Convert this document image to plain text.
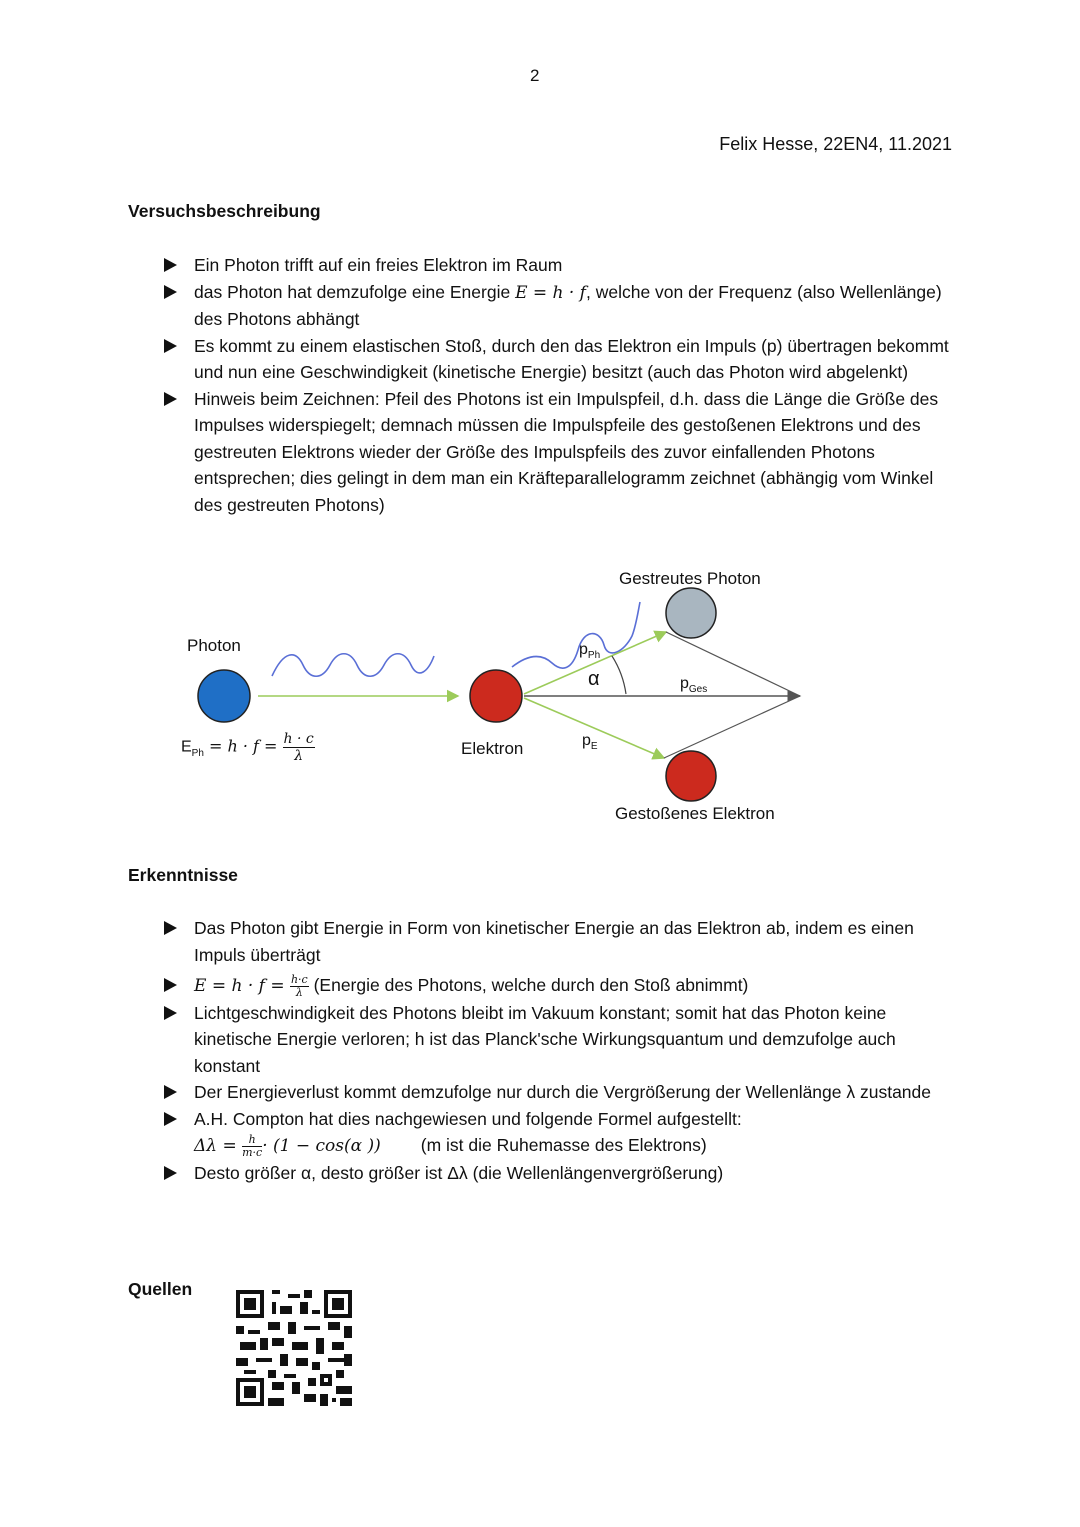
2
Felix Hesse, 22EN4, 11.2021
Versuchsbeschreibung
Ein Photon trifft auf ein freies Elektron im Raum
das Photon hat demzufolge eine Energie E = h · f, welche von der Frequenz (also Wellenlänge) des Photons abhängt
Es kommt zu einem elastischen Stoß, durch den das Elektron ein Impuls (p) übertragen bekommt und nun eine Geschwindigkeit (kinetische Energie) besitzt (auch das Photon wird abgelenkt)
Hinweis beim Zeichnen: Pfeil des Photons ist ein Impulspfeil, d.h. dass die Länge die Größe des Impulses widerspiegelt; demnach müssen die Impulspfeile des gestoßenen Elektrons und des gestreuten Elektrons wieder der Größe des Impulspfeils des zuvor einfallenden Photons entsprechen; dies gelingt in dem man ein Kräfteparallelogramm zeichnet (abhängig vom Winkel des gestreuten Photons)
Photon
Elektron
Gestreutes Photon
Gestoßenes Elektron
$p_{Ph}$
α	$p_{Ges}$
$p_E$
$E_{Ph} = h \cdot f = \frac{h \cdot c}{\lambda}$
Erkenntnisse
Das Photon gibt Energie in Form von kinetischer Energie an das Elektron ab, indem es einen Impuls überträgt
$E = h \cdot f = \frac{h\cdot c}{\lambda}$ (Energie des Photons, welche durch den Stoß abnimmt)
Lichtgeschwindigkeit des Photons bleibt im Vakuum konstant; somit hat das Photon keine kinetische Energie verloren; h ist das Planck'sche Wirkungsquantum und demzufolge auch konstant
Der Energieverlust kommt demzufolge nur durch die Vergrößerung der Wellenlänge λ zustande
A.H. Compton hat dies nachgewiesen und folgende Formel aufgestellt:
$\Delta\lambda = \frac{h}{m\cdot c} \cdot (1 - \cos(\alpha$ )) (m ist die Ruhemasse des Elektrons)
Desto größer α, desto größer ist Δλ (die Wellenlängenvergrößerung)
Quellen
